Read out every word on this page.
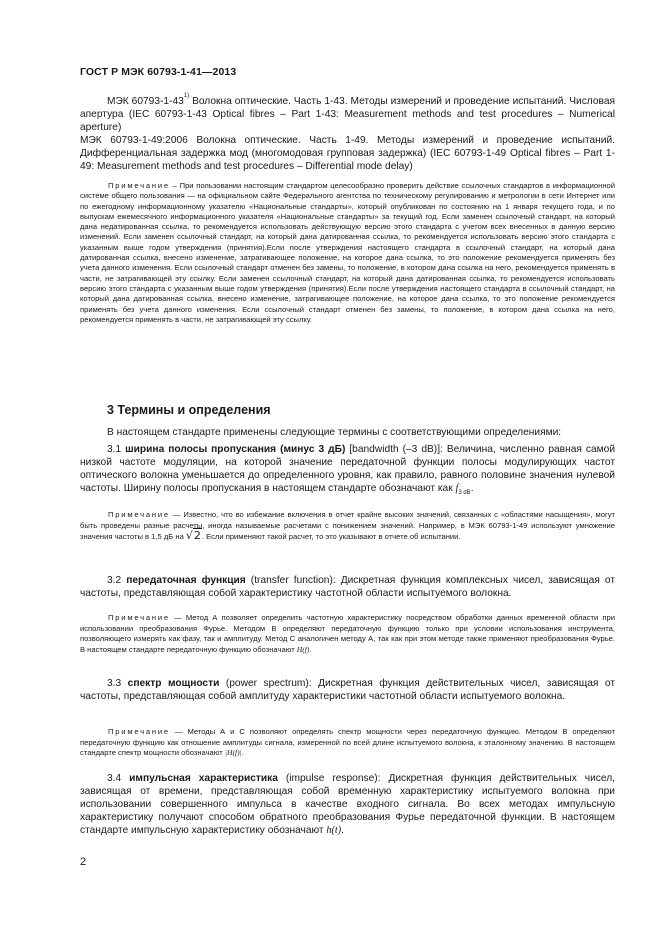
ГОСТ Р МЭК 60793-1-41—2013

МЭК 60793-1-43$^{1)}$ Волокна оптические. Часть 1-43. Методы измерений и проведение испытаний. Числовая апертура (IEC 60793-1-43 Optical fibres – Part 1-43: Measurement methods and test procedures – Numerical aperture)

МЭК 60793-1-49:2006 Волокна оптические. Часть 1-49. Методы измерений и проведение испытаний. Дифференциальная задержка мод (многомодовая групповая задержка) (IEC 60793-1-49 Optical fibres – Part 1-49: Measurement methods and test procedures – Differential mode delay)

Примечание – При пользовании настоящим стандартом целесообразно проверить действие ссылочных стандартов в информационной системе общего пользования — на официальном сайте Федерального агентства по техническому регулированию и метрологии в сети Интернет или по ежегодному информационному указателю «Национальные стандарты», который опубликован по состоянию на 1 января текущего года, и по выпускам ежемесячного информационного указателя «Национальные стандарты» за текущий год. Если заменен ссылочный стандарт, на который дана недатированная ссылка, то рекомендуется использовать действующую версию этого стандарта с учетом всех внесенных в данную версию изменений. Если заменен ссылочный стандарт, на который дана датированная ссылка, то рекомендуется использовать версию этого стандарта с указанным выше годом утверждения (принятия).Если после утверждения настоящего стандарта в ссылочный стандарт, на который дана датированная ссылка, внесено изменение, затрагивающее положение, на которое дана ссылка, то это положение рекомендуется применять без учета данного изменения. Если ссылочный стандарт отменен без замены, то положение, в котором дана ссылка на него, рекомендуется применять в части, не затрагивающей эту ссылку. Если заменен ссылочный стандарт, на который дана датированная ссылка, то рекомендуется использовать версию этого стандарта с указанным выше годом утверждения (принятия).Если после утверждения настоящего стандарта в ссылочный стандарт, на который дана датированная ссылка, внесено изменение, затрагивающее положение, на которое дана ссылка, то это положение рекомендуется применять без учета данного изменения. Если ссылочный стандарт отменен без замены, то положение, в котором дана ссылка на него, рекомендуется применять в части, не затрагивающей эту ссылку.

3 Термины и определения

В настоящем стандарте применены следующие термины с соответствующими определениями:

3.1 ширина полосы пропускания (минус 3 дБ) [bandwidth (–3 dB)]: Величина, численно равная самой низкой частоте модуляции, на которой значение передаточной функции полосы модулирующих частот оптического волокна уменьшается до определенного уровня, как правило, равного половине значения нулевой частоты. Ширину полосы пропускания в настоящем стандарте обозначают как $f_{3 dB}$.

Примечание — Известно, что во избежание включения в отчет крайне высоких значений, связанных с «областями насыщения», могут быть проведены разные расчеты, иногда называемые расчетами с понижением значений. Например, в МЭК 60793-1-49 используют умножение значения частоты в 1,5 дБ на √2. Если применяют такой расчет, то это указывают в отчете об испытании.

3.2 передаточная функция (transfer function): Дискретная функция комплексных чисел, зависящая от частоты, представляющая собой характеристику частотной области испытуемого волокна.

Примечание — Метод А позволяет определить частотную характеристику посредством обработки данных временной области при использовании преобразования Фурье. Методом В определяют передаточную функцию только при условии использования инструмента, позволяющего измерять как фазу, так и амплитуду. Метод С аналогичен методу А, так как при этом методе также применяют преобразования Фурье. В настоящем стандарте передаточную функцию обозначают H(f).

3.3 спектр мощности (power spectrum): Дискретная функция действительных чисел, зависящая от частоты, представляющая собой амплитуду характеристики частотной области испытуемого волокна.

Примечание — Методы А и С позволяют определять спектр мощности через передаточную функцию. Методом В определяют передаточную функцию как отношение амплитуды сигнала, измеренной по всей длине испытуемого волокна, к эталонному значению. В настоящем стандарте спектр мощности обозначают |H(f)|.

3.4 импульсная характеристика (impulse response): Дискретная функция действительных чисел, зависящая от времени, представляющая собой временную характеристику испытуемого волокна при использовании совершенного импульса в качестве входного сигнала. Во всех методах импульсную характеристику получают способом обратного преобразования Фурье передаточной функции. В настоящем стандарте импульсную характеристику обозначают h(t).

2
